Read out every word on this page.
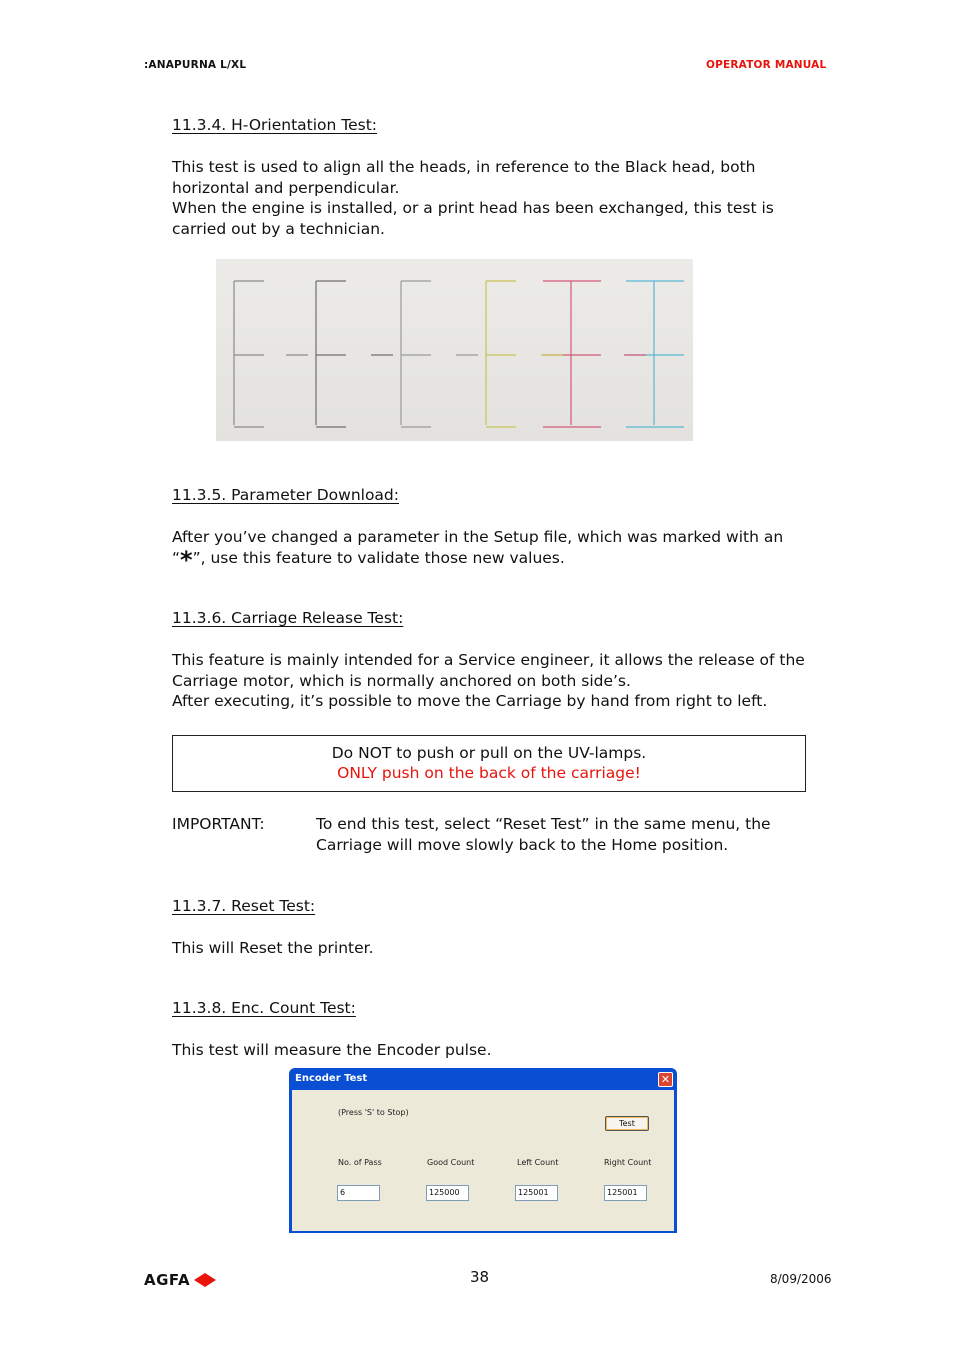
:ANAPURNA L/XL	OPERATOR MANUAL
11.3.4. H-Orientation Test:
This test is used to align all the heads, in reference to the Black head, both
horizontal and perpendicular.
When the engine is installed, or a print head has been exchanged, this test is
carried out by a technician.
11.3.5. Parameter Download:
After you’ve changed a parameter in the Setup file, which was marked with an
“*”, use this feature to validate those new values.
11.3.6. Carriage Release Test:
This feature is mainly intended for a Service engineer, it allows the release of the
Carriage motor, which is normally anchored on both side’s.
After executing, it’s possible to move the Carriage by hand from right to left.
Do NOT to push or pull on the UV-lamps.
ONLY push on the back of the carriage!
IMPORTANT:	To end this test, select “Reset Test” in the same menu, the
Carriage will move slowly back to the Home position.
11.3.7. Reset Test:
This will Reset the printer.
11.3.8. Enc. Count Test:
This test will measure the Encoder pulse.
Encoder Test	✕
(Press 'S' to Stop)
Test
No. of Pass	Good Count	Left Count	Right Count
6	125000	125001	125001
AGFA	38	8/09/2006
